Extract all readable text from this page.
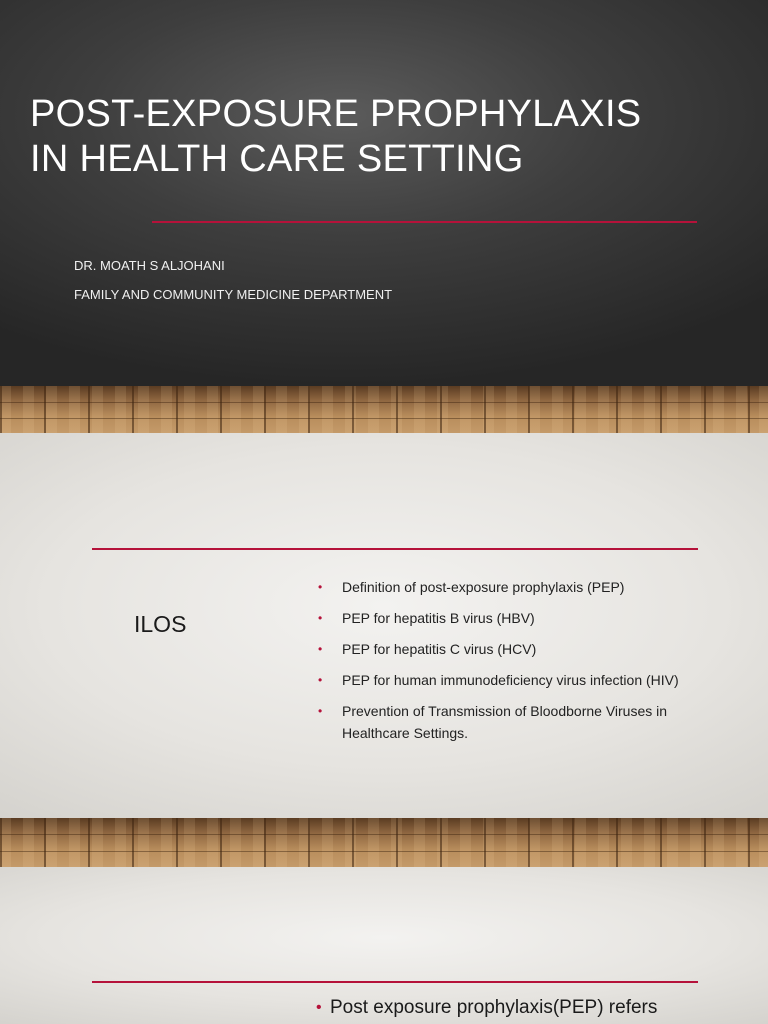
POST-EXPOSURE PROPHYLAXIS
IN HEALTH CARE SETTING

DR. MOATH S ALJOHANI

FAMILY AND COMMUNITY MEDICINE DEPARTMENT

ILOS
• Definition of post-exposure prophylaxis (PEP)
• PEP for hepatitis B virus (HBV)
• PEP for hepatitis C virus (HCV)
• PEP for human immunodeficiency virus infection (HIV)
• Prevention of Transmission of Bloodborne Viruses in Healthcare Settings.
• Post exposure prophylaxis(PEP) refers
